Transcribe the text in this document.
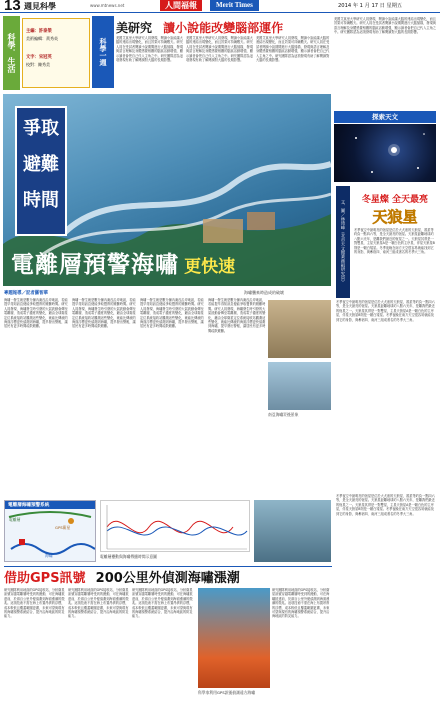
13 週見科學	www.mtnews.net	人間福報	Merit Times	2014 年 1 月 17 日 星期五
科學．生活
主編：許泰榮
美術編輯：黃秀英
文字：宋冠英
校對：陳秀美	科學一週
美研究 讀小說能改變腦部運作
美國艾莫里大學研究人員發現，閱讀小說能讓大腦的連結出現變化，而且效果可持續數天。研究人員在受試者閱讀小說期間進行大腦掃描，發現與語言理解及身體感覺相關的腦區活動增強，顯示讀者會把自己代入主角之中。研究團隊認為這項發現有助了解閱讀對大腦的長期影響。
美國艾莫里大學研究人員發現，閱讀小說能讓大腦的連結出現變化，而且效果可持續數天。研究人員在受試者閱讀小說期間進行大腦掃描，發現與語言理解及身體感覺相關的腦區活動增強，顯示讀者會把自己代入主角之中。研究團隊認為這項發現有助了解閱讀對大腦的長期影響。
美國艾莫里大學研究人員發現，閱讀小說能讓大腦的連結出現變化，而且效果可持續數天。研究人員在受試者閱讀小說期間進行大腦掃描，發現與語言理解及身體感覺相關的腦區活動增強，顯示讀者會把自己代入主角之中。研究團隊認為這項發現有助了解閱讀對大腦的長期影響。
美國艾莫里大學研究人員發現，閱讀小說能讓大腦的連結出現變化，而且效果可持續數天。研究人員在受試者閱讀小說期間進行大腦掃描，發現與語言理解及身體感覺相關的腦區活動增強，顯示讀者會把自己代入主角之中。研究團隊認為這項發現有助了解閱讀對大腦的長期影響。
爭取
避難
時間
電離層預警海嘯 更快速
海嘯襲來時造成的破壞
專題報導／記者羅智華
海嘯一發生就是數分鐘內淹沒沿岸地區，若能提早得知訊息便能爭取寶貴的避難時間。研究人員發現，海嘯發生時引發的大氣波動會傳至電離層，造成電子濃度的變化，藉由全球衛星定位系統接收站觀測這些變化，就能比傳統的海面浮標更快偵測到海嘯，提早發出警報，讓居民有更多時間疏散避難。
海嘯一發生就是數分鐘內淹沒沿岸地區，若能提早得知訊息便能爭取寶貴的避難時間。研究人員發現，海嘯發生時引發的大氣波動會傳至電離層，造成電子濃度的變化，藉由全球衛星定位系統接收站觀測這些變化，就能比傳統的海面浮標更快偵測到海嘯，提早發出警報，讓居民有更多時間疏散避難。
海嘯一發生就是數分鐘內淹沒沿岸地區，若能提早得知訊息便能爭取寶貴的避難時間。研究人員發現，海嘯發生時引發的大氣波動會傳至電離層，造成電子濃度的變化，藉由全球衛星定位系統接收站觀測這些變化，就能比傳統的海面浮標更快偵測到海嘯，提早發出警報，讓居民有更多時間疏散避難。
海嘯一發生就是數分鐘內淹沒沿岸地區，若能提早得知訊息便能爭取寶貴的避難時間。研究人員發現，海嘯發生時引發的大氣波動會傳至電離層，造成電子濃度的變化，藉由全球衛星定位系統接收站觀測這些變化，就能比傳統的海面浮標更快偵測到海嘯，提早發出警報，讓居民有更多時間疏散避難。
南亞海嘯災後景象
電離層海嘯預警系統
電離層
GPS衛星
海嘯	電離層擾動與海嘯傳播時間示意圖
借助GPS訊號 200公里外偵測海嘯漲潮
研究團隊利用地面的GPS接收站，分析衛星訊號穿越電離層時受到的擾動，可在海嘯抵達前，於兩百公里外便偵測到海面漲潮的徵兆。這項技術不需在海上布置昂貴的浮標，成本較低且覆蓋範圍更廣，未來可望與現有的海嘯預警系統結合，提升沿海地區的防災能力。
研究團隊利用地面的GPS接收站，分析衛星訊號穿越電離層時受到的擾動，可在海嘯抵達前，於兩百公里外便偵測到海面漲潮的徵兆。這項技術不需在海上布置昂貴的浮標，成本較低且覆蓋範圍更廣，未來可望與現有的海嘯預警系統結合，提升沿海地區的防災能力。
研究團隊利用地面的GPS接收站，分析衛星訊號穿越電離層時受到的擾動，可在海嘯抵達前，於兩百公里外便偵測到海面漲潮的徵兆。這項技術不需在海上布置昂貴的浮標，成本較低且覆蓋範圍更廣，未來可望與現有的海嘯預警系統結合，提升沿海地區的防災能力。
科學家利用GPS訊號偵測遠方海嘯
研究團隊利用地面的GPS接收站，分析衛星訊號穿越電離層時受到的擾動，可在海嘯抵達前，於兩百公里外便偵測到海面漲潮的徵兆。這項技術不需在海上布置昂貴的浮標，成本較低且覆蓋範圍更廣，未來可望與現有的海嘯預警系統結合，提升沿海地區的防災能力。
探索天文
文．圖／林琦峰（北市天文館業務組研究員）
冬星燦 全天最亮
天狼星
冬季夜空中最明亮的恆星是位於大犬座的天狼星，視星等約負一點四六等，是全天最亮的恆星。天狼星距離地球約八點六光年，是離我們最近的恆星之一。天狼星其實是一對雙星，主星天狼星A是一顆白色的主序星，伴星天狼星B則是一顆白矮星。冬季夜晚在南方天空很容易就能找到它的身影，與參宿四、南河三組成著名的冬季大三角。
冬季夜空中最明亮的恆星是位於大犬座的天狼星，視星等約負一點四六等，是全天最亮的恆星。天狼星距離地球約八點六光年，是離我們最近的恆星之一。天狼星其實是一對雙星，主星天狼星A是一顆白色的主序星，伴星天狼星B則是一顆白矮星。冬季夜晚在南方天空很容易就能找到它的身影，與參宿四、南河三組成著名的冬季大三角。
冬季夜空中最明亮的恆星是位於大犬座的天狼星，視星等約負一點四六等，是全天最亮的恆星。天狼星距離地球約八點六光年，是離我們最近的恆星之一。天狼星其實是一對雙星，主星天狼星A是一顆白色的主序星，伴星天狼星B則是一顆白矮星。冬季夜晚在南方天空很容易就能找到它的身影，與參宿四、南河三組成著名的冬季大三角。
